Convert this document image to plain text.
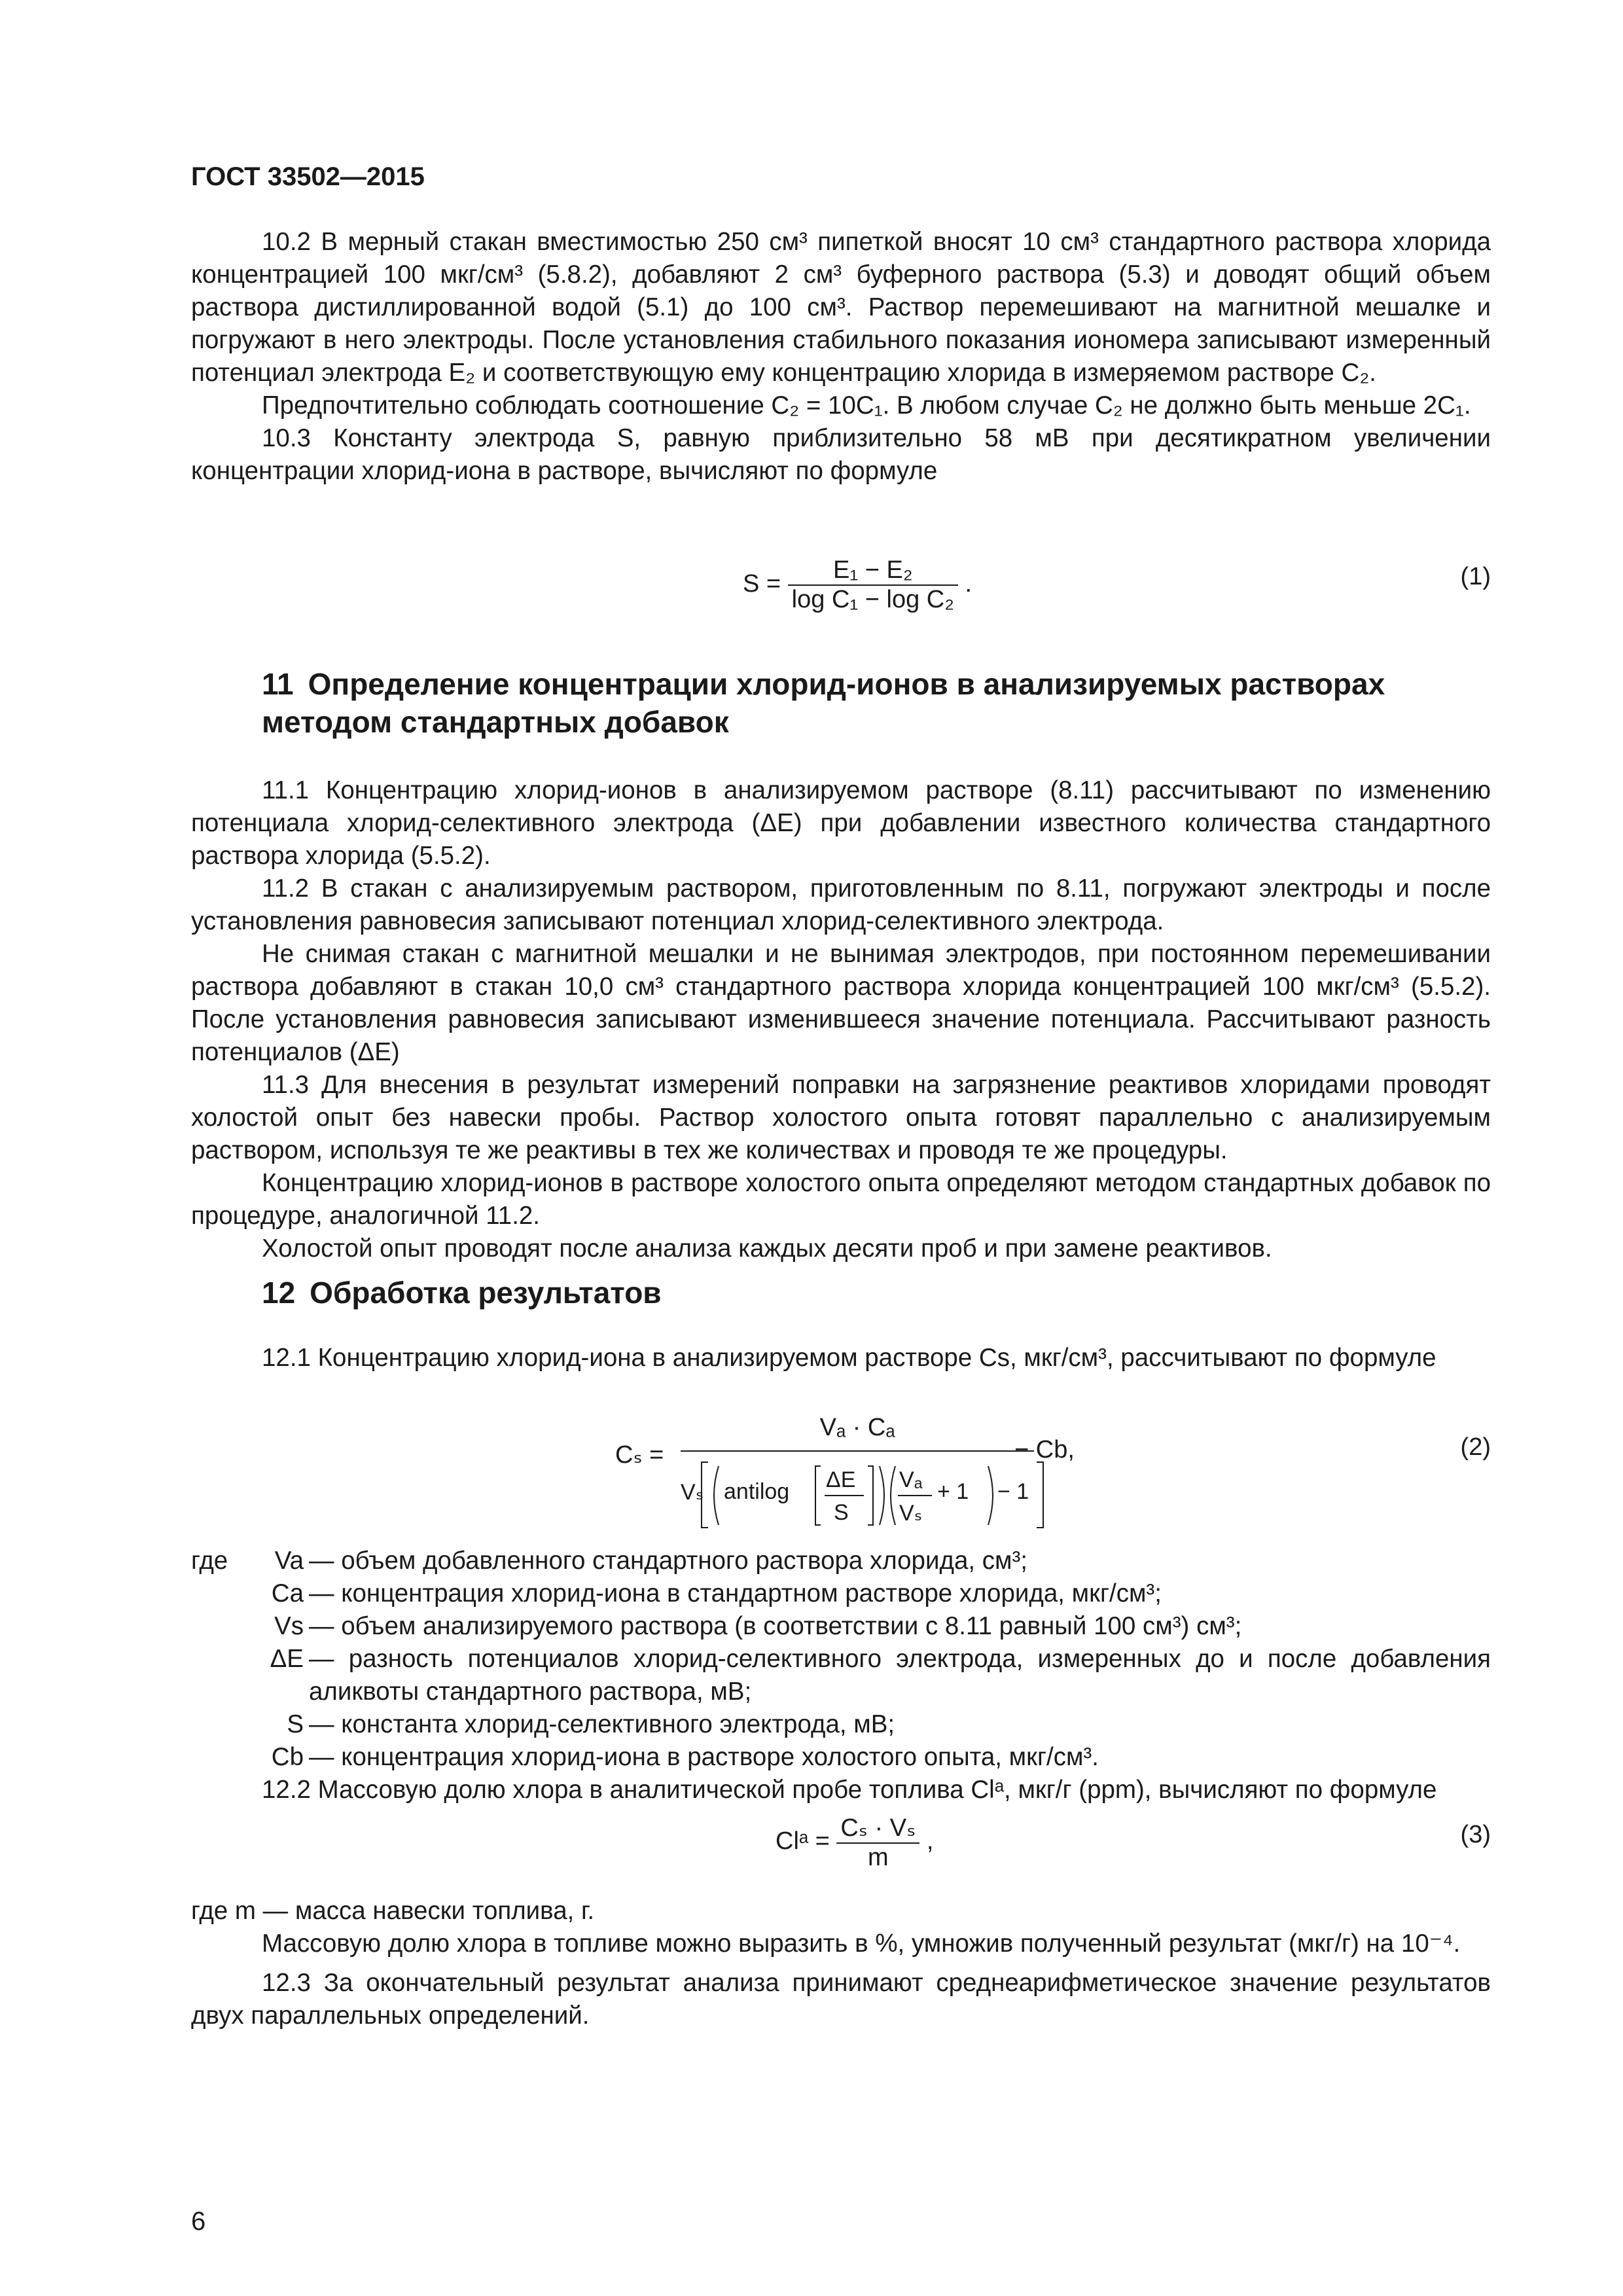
ГОСТ 33502—2015

10.2 В мерный стакан вместимостью 250 см³ пипеткой вносят 10 см³ стандартного раствора хлорида концентрацией 100 мкг/см³ (5.8.2), добавляют 2 см³ буферного раствора (5.3) и доводят общий объем раствора дистиллированной водой (5.1) до 100 см³. Раствор перемешивают на магнитной мешалке и погружают в него электроды. После установления стабильного показания иономера записывают измеренный потенциал электрода E₂ и соответствующую ему концентрацию хлорида в измеряемом растворе C₂.

Предпочтительно соблюдать соотношение C₂ = 10C₁. В любом случае C₂ не должно быть меньше 2C₁.

10.3 Константу электрода S, равную приблизительно 58 мВ при десятикратном увеличении концентрации хлорид-иона в растворе, вычисляют по формуле

$S = \frac{\text{E₁ − E₂}}{\text{log C₁ − log C₂}}$ .	(1)
11 Определение концентрации хлорид-ионов в анализируемых растворах методом стандартных добавок

11.1 Концентрацию хлорид-ионов в анализируемом растворе (8.11) рассчитывают по изменению потенциала хлорид-селективного электрода (ΔE) при добавлении известного количества стандартного раствора хлорида (5.5.2).

11.2 В стакан с анализируемым раствором, приготовленным по 8.11, погружают электроды и после установления равновесия записывают потенциал хлорид-селективного электрода.

Не снимая стакан с магнитной мешалки и не вынимая электродов, при постоянном перемешивании раствора добавляют в стакан 10,0 см³ стандартного раствора хлорида концентрацией 100 мкг/см³ (5.5.2). После установления равновесия записывают изменившееся значение потенциала. Рассчитывают разность потенциалов (ΔE)

11.3 Для внесения в результат измерений поправки на загрязнение реактивов хлоридами проводят холостой опыт без навески пробы. Раствор холостого опыта готовят параллельно с анализируемым раствором, используя те же реактивы в тех же количествах и проводя те же процедуры.

Концентрацию хлорид-ионов в растворе холостого опыта определяют методом стандартных добавок по процедуре, аналогичной 11.2.

Холостой опыт проводят после анализа каждых десяти проб и при замене реактивов.

12 Обработка результатов

12.1 Концентрацию хлорид-иона в анализируемом растворе Cs, мкг/см³, рассчитывают по формуле

Cₛ =
Vₐ · Cₐ
Vₛ antilog ΔE
S
Vₐ
Vₛ
+ 1 − 1
− Cb,	(2)
где	Va — объем добавленного стандартного раствора хлорида, см³;
Ca — концентрация хлорид-иона в стандартном растворе хлорида, мкг/см³;
Vs — объем анализируемого раствора (в соответствии с 8.11 равный 100 см³) см³;
ΔE — разность потенциалов хлорид-селективного электрода, измеренных до и после добавления аликвоты стандартного раствора, мВ;
S — константа хлорид-селективного электрода, мВ;
Cb — концентрация хлорид-иона в растворе холостого опыта, мкг/см³.

12.2 Массовую долю хлора в аналитической пробе топлива Clᵃ, мкг/г (ppm), вычисляют по формуле

Clᵃ = $\frac{\text{Cₛ · Vₛ}}{m}$ ,	(3)

где m — масса навески топлива, г.

Массовую долю хлора в топливе можно выразить в %, умножив полученный результат (мкг/г) на 10⁻⁴.

12.3 За окончательный результат анализа принимают среднеарифметическое значение результатов двух параллельных определений.

6
